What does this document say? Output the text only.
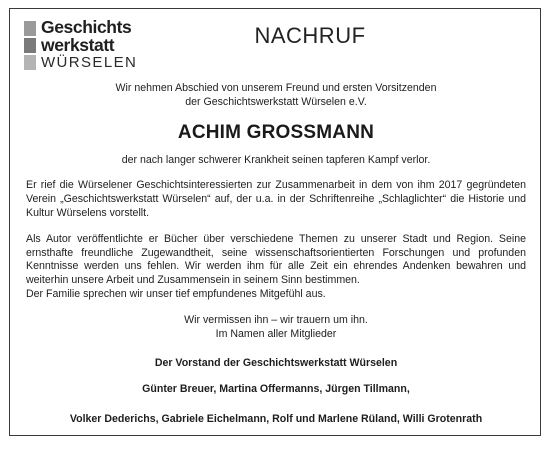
Geschichts
werkstatt
WÜRSELEN
NACHRUF

Wir nehmen Abschied von unserem Freund und ersten Vorsitzenden

der Geschichtswerkstatt Würselen e.V.

ACHIM GROSSMANN

der nach langer schwerer Krankheit seinen tapferen Kampf verlor.

Er rief die Würselener Geschichtsinteressierten zur Zusammenarbeit in dem von ihm 2017 gegründeten Verein „Geschichtswerkstatt Würselen“ auf, der u.a. in der Schriftenreihe „Schlaglichter“ die Historie und Kultur Würselens vorstellt.

Als Autor veröffentlichte er Bücher über verschiedene Themen zu unserer Stadt und Region. Seine ernsthafte freundliche Zugewandtheit, seine wissenschaftsorientierten Forschungen und profunden Kenntnisse werden uns fehlen. Wir werden ihm für alle Zeit ein ehrendes Andenken bewahren und weiterhin unsere Arbeit und Zusammensein in seinem Sinn bestimmen.

Der Familie sprechen wir unser tief empfundenes Mitgefühl aus.

Wir vermissen ihn – wir trauern um ihn.

Im Namen aller Mitglieder

Der Vorstand der Geschichtswerkstatt Würselen

Günter Breuer, Martina Offermanns, Jürgen Tillmann,

Volker Dederichs, Gabriele Eichelmann, Rolf und Marlene Rüland, Willi Grotenrath
